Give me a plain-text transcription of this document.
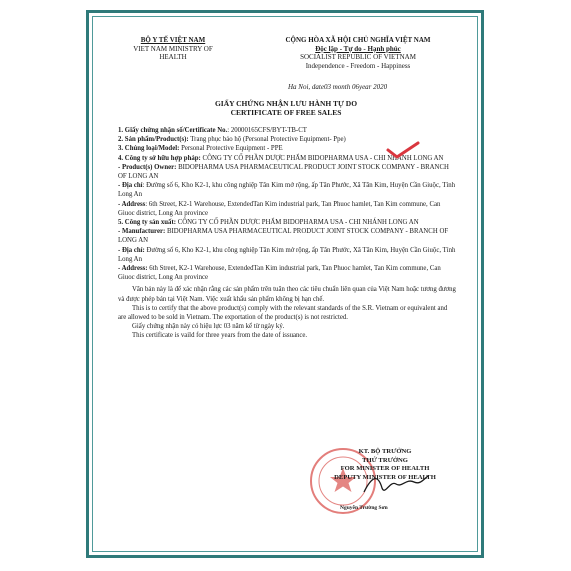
BỘ Y TẾ VIỆT NAM
VIET NAM MINISTRY OF
HEALTH
CỘNG HÒA XÃ HỘI CHỦ NGHĨA VIỆT NAM
Độc lập - Tự do - Hạnh phúc
SOCIALIST REPUBLIC OF VIETNAM
Independence - Freedom - Happiness
Ha Noi, date03 month 06year 2020
GIẤY CHỨNG NHẬN LƯU HÀNH TỰ DO
CERTIFICATE OF FREE SALES

1. Giấy chứng nhận số/Certificate No.: 20000165CFS/BYT-TB-CT

2. Sản phẩm/Product(s): Trang phục bảo hộ (Personal Protective Equipment- Ppe)

3. Chủng loại/Model: Personal Protective Equipment - PPE

4. Công ty sở hữu hợp pháp: CÔNG TY CỔ PHẦN DƯỢC PHẨM BIDOPHARMA USA - CHI NHÁNH LONG AN

- Product(s) Owner: BIDOPHARMA USA PHARMACEUTICAL PRODUCT JOINT STOCK COMPANY - BRANCH OF LONG AN

- Địa chỉ: Đường số 6, Kho K2-1, khu công nghiệp Tân Kim mở rộng, ấp Tân Phước, Xã Tân Kim, Huyện Cần Giuộc, Tỉnh Long An

- Address: 6th Street, K2-1 Warehouse, ExtendedTan Kim industrial park, Tan Phuoc hamlet, Tan Kim commune, Can Giuoc district, Long An province

5. Công ty sản xuất: CÔNG TY CỔ PHẦN DƯỢC PHẨM BIDOPHARMA USA - CHI NHÁNH LONG AN

- Manufacturer: BIDOPHARMA USA PHARMACEUTICAL PRODUCT JOINT STOCK COMPANY - BRANCH OF LONG AN

- Địa chỉ: Đường số 6, Kho K2-1, khu công nghiệp Tân Kim mở rộng, ấp Tân Phước, Xã Tân Kim, Huyện Cần Giuộc, Tỉnh Long An

- Address: 6th Street, K2-1 Warehouse, ExtendedTan Kim industrial park, Tan Phuoc hamlet, Tan Kim commune, Can Giuoc district, Long An province

Văn bản này là để xác nhận rằng các sản phẩm trên tuân theo các tiêu chuẩn liên quan của Việt Nam hoặc tương đương và được phép bán tại Việt Nam. Việc xuất khẩu sản phẩm không bị hạn chế.

This is to certify that the above product(s) comply with the relevant standards of the S.R. Vietnam or equivalent and are allowed to be sold in Vietnam. The exportation of the product(s) is not restricted.

Giấy chứng nhận này có hiệu lực 03 năm kể từ ngày ký.

This certificate is vaild for three years from the date of issuance.

KT. BỘ TRƯỞNG
THỨ TRƯỞNG
FOR MINISTER OF HEALTH
DEPUTY MINISTER OF HEALTH
Nguyễn Trường Sơn
